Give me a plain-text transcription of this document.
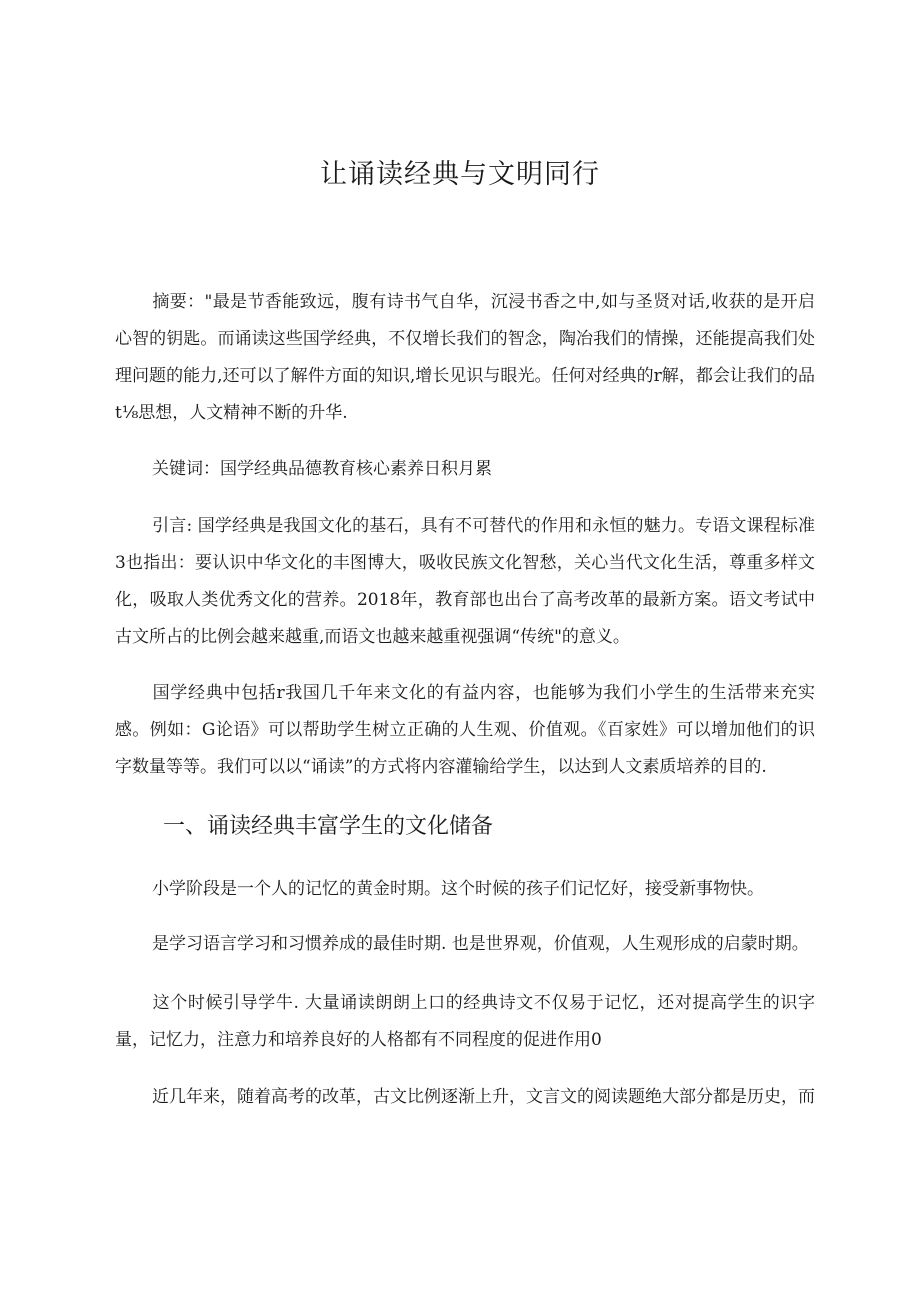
让诵读经典与文明同行
摘要："最是节香能致远，腹有诗书气自华，沉浸书香之中,如与圣贤对话,收获的是开启心智的钥匙。而诵读这些国学经典，不仅增长我们的智念，陶冶我们的情操，还能提高我们处理问题的能力,还可以了解件方面的知识,增长见识与眼光。任何对经典的r解，都会让我们的品t⅛思想，人文精神不断的升华.
关键词：国学经典品德教育核心素养日积月累
引言: 国学经典是我国文化的基石，具有不可替代的作用和永恒的魅力。专语文课程标准3也指出：要认识中华文化的丰图博大，吸收民族文化智愁，关心当代文化生活，尊重多样文化，吸取人类优秀文化的营养。2018年，教育部也出台了高考改革的最新方案。语文考试中古文所占的比例会越来越重,而语文也越来越重视强调“传统"的意义。
国学经典中包括r我国几千年来文化的有益内容，也能够为我们小学生的生活带来充实感。例如：G论语》可以帮助学生树立正确的人生观、价值观。《百家姓》可以增加他们的识字数量等等。我们可以以“诵读”的方式将内容灌输给学生，以达到人文素质培养的目的.
一、诵读经典丰富学生的文化储备
小学阶段是一个人的记忆的黄金时期。这个时候的孩子们记忆好，接受新事物快。
是学习语言学习和习惯养成的最佳时期. 也是世界观，价值观，人生观形成的启蒙时期。
这个时候引导学牛. 大量诵读朗朗上口的经典诗文不仅易于记忆，还对提高学生的识字量，记忆力，注意力和培养良好的人格都有不同程度的促进作用0
近几年来，随着高考的改革，古文比例逐渐上升，文言文的阅读题绝大部分都是历史，而
